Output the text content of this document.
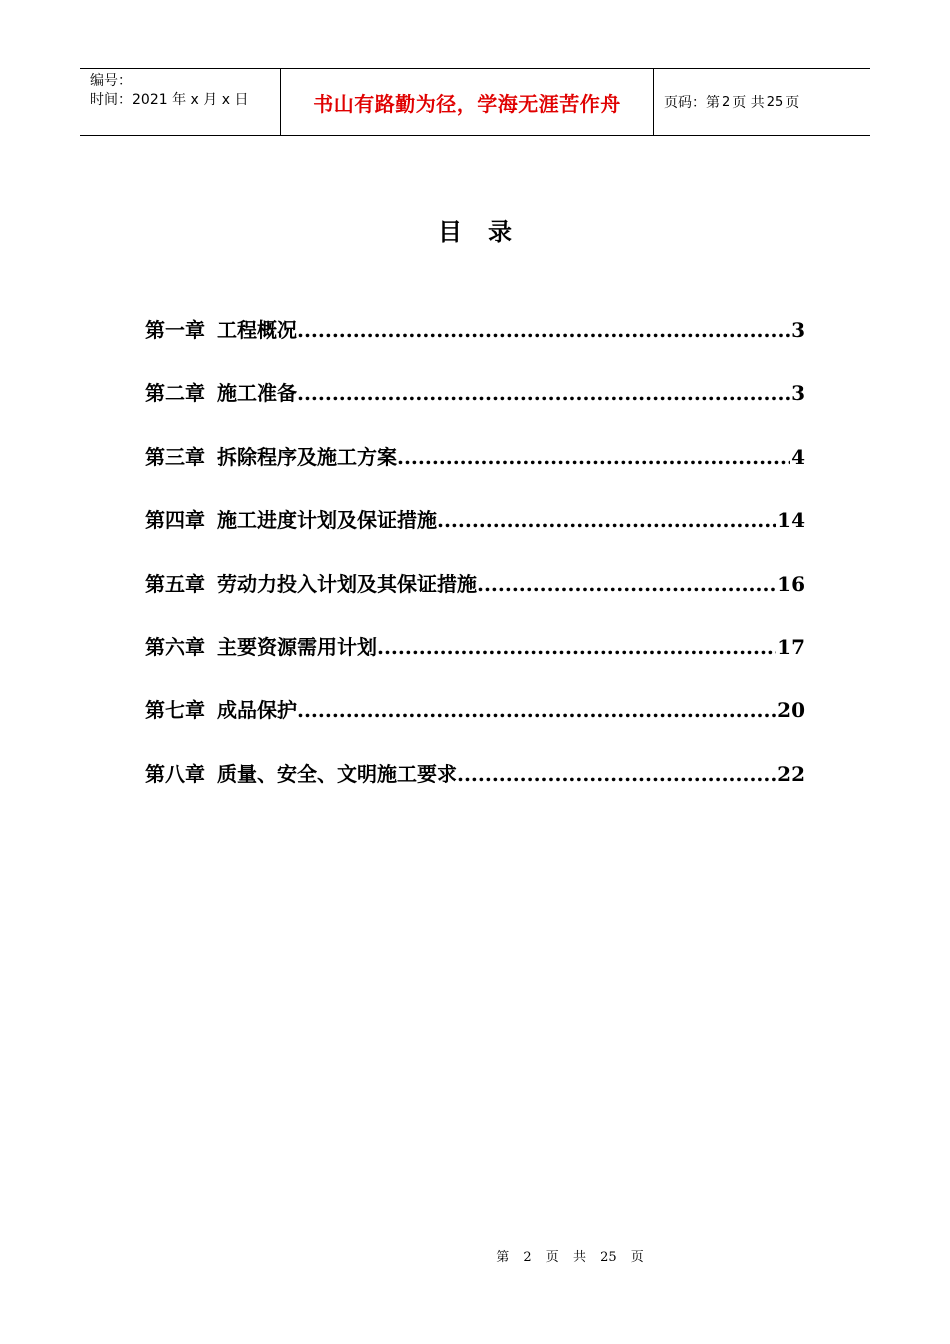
编号：
时间：2021 年 x 月 x 日	书山有路勤为径，学海无涯苦作舟	页码：第 2 页 共 25 页
目录
第一章 工程概况 .....	3
第二章 施工准备 .....	3
第三章 拆除程序及施工方案 .....	4
第四章 施工进度计划及保证措施 .....	14
第五章 劳动力投入计划及其保证措施 .....	16
第六章 主要资源需用计划 .....	17
第七章 成品保护 .....	20
第八章 质量、安全、文明施工要求 .....	22
第 2 页 共 25 页
